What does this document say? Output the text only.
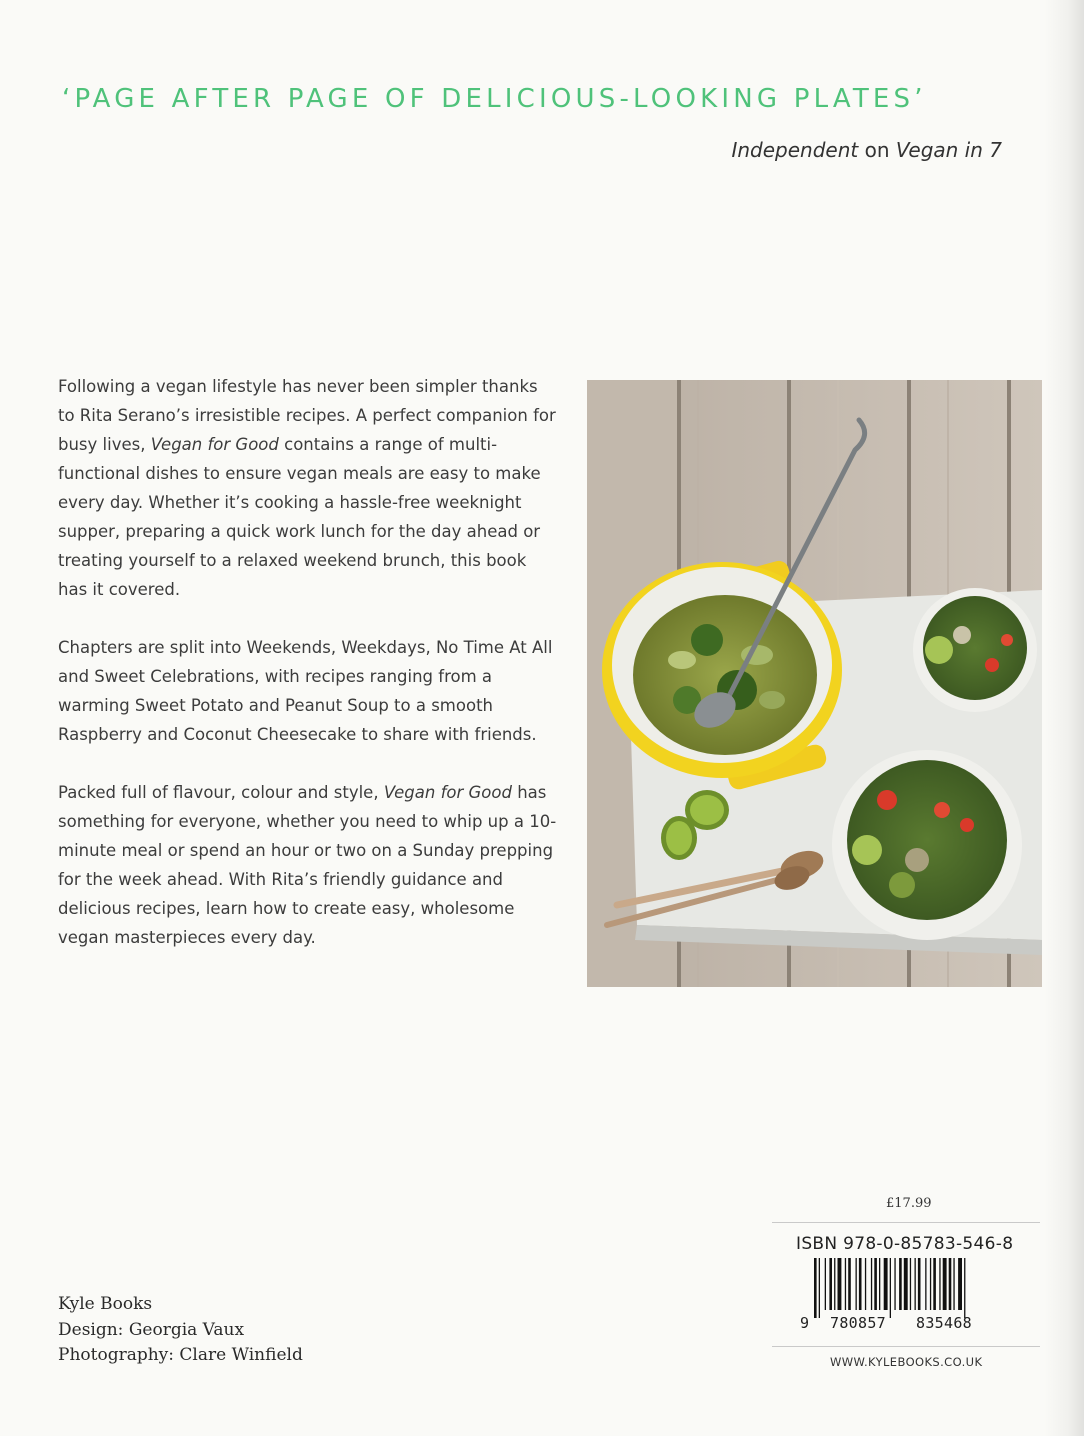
‘PAGE AFTER PAGE OF DELICIOUS-LOOKING PLATES’
Independent on Vegan in 7

Following a vegan lifestyle has never been simpler thanks to Rita Serano’s irresistible recipes. A perfect companion for busy lives, Vegan for Good contains a range of multi-functional dishes to ensure vegan meals are easy to make every day. Whether it’s cooking a hassle-free weeknight supper, preparing a quick work lunch for the day ahead or treating yourself to a relaxed weekend brunch, this book has it covered.

Chapters are split into Weekends, Weekdays, No Time At All and Sweet Celebrations, with recipes ranging from a warming Sweet Potato and Peanut Soup to a smooth Raspberry and Coconut Cheesecake to share with friends.

Packed full of flavour, colour and style, Vegan for Good has something for everyone, whether you need to whip up a 10-minute meal or spend an hour or two on a Sunday prepping for the week ahead. With Rita’s friendly guidance and delicious recipes, learn how to create easy, wholesome vegan masterpieces every day.

Kyle Books
Design: Georgia Vaux
Photography: Clare Winfield
£17.99
ISBN 978-0-85783-546-8
9 780857 835468
WWW.KYLEBOOKS.CO.UK
